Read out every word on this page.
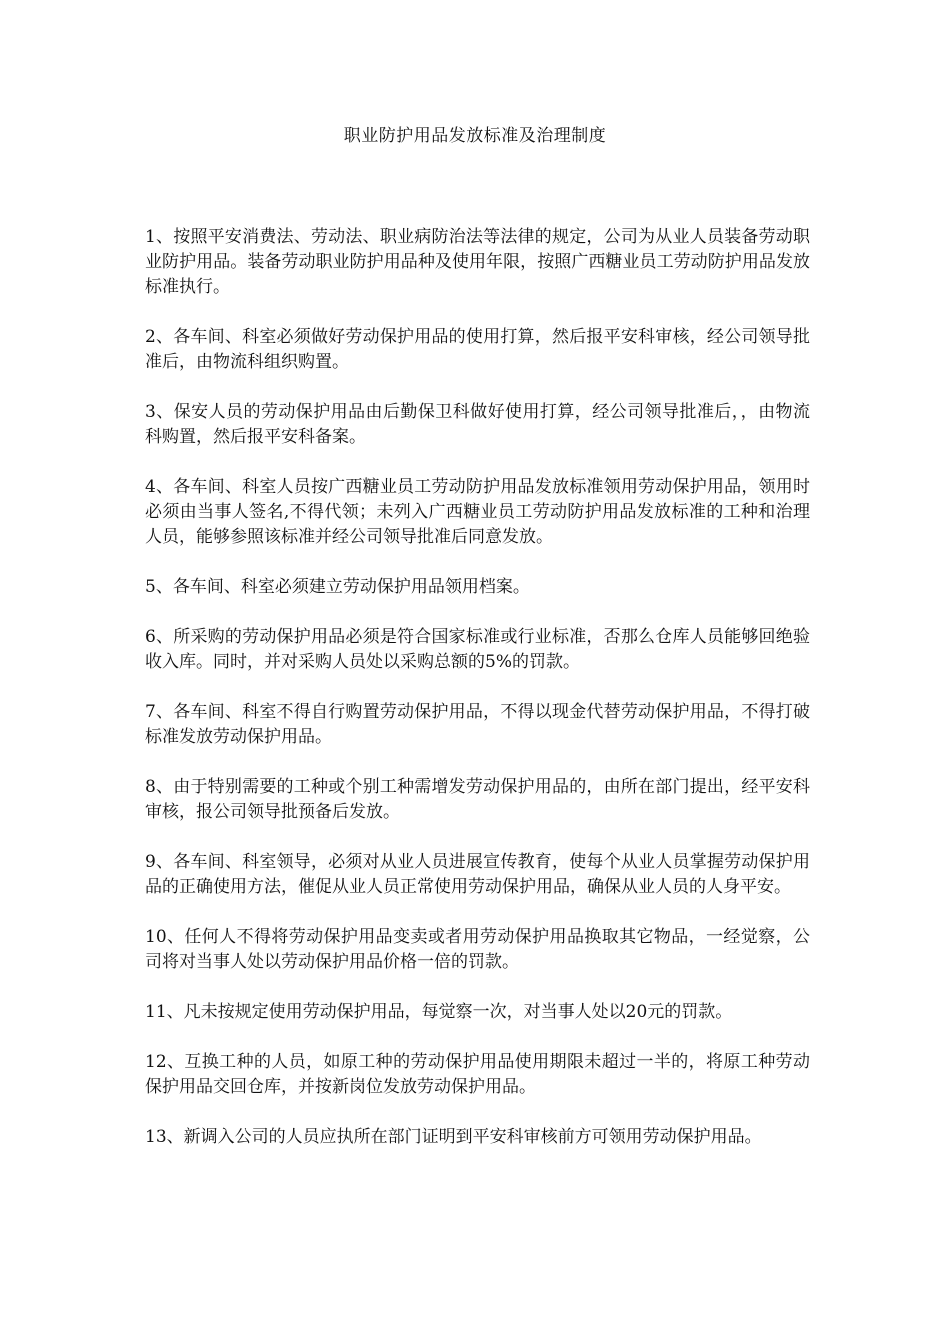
职业防护用品发放标准及治理制度

1、按照平安消费法、劳动法、职业病防治法等法律的规定，公司为从业人员装备劳动职业防护用品。装备劳动职业防护用品种及使用年限，按照广西糖业员工劳动防护用品发放标准执行。

2、各车间、科室必须做好劳动保护用品的使用打算，然后报平安科审核，经公司领导批准后，由物流科组织购置。

3、保安人员的劳动保护用品由后勤保卫科做好使用打算，经公司领导批准后，，由物流科购置，然后报平安科备案。

4、各车间、科室人员按广西糖业员工劳动防护用品发放标准领用劳动保护用品，领用时必须由当事人签名,不得代领；未列入广西糖业员工劳动防护用品发放标准的工种和治理人员，能够参照该标准并经公司领导批准后同意发放。

5、各车间、科室必须建立劳动保护用品领用档案。

6、所采购的劳动保护用品必须是符合国家标准或行业标准，否那么仓库人员能够回绝验收入库。同时，并对采购人员处以采购总额的5%的罚款。

7、各车间、科室不得自行购置劳动保护用品，不得以现金代替劳动保护用品，不得打破标准发放劳动保护用品。

8、由于特别需要的工种或个别工种需增发劳动保护用品的，由所在部门提出，经平安科审核，报公司领导批预备后发放。

9、各车间、科室领导，必须对从业人员进展宣传教育，使每个从业人员掌握劳动保护用品的正确使用方法，催促从业人员正常使用劳动保护用品，确保从业人员的人身平安。

10、任何人不得将劳动保护用品变卖或者用劳动保护用品换取其它物品，一经觉察，公司将对当事人处以劳动保护用品价格一倍的罚款。

11、凡未按规定使用劳动保护用品，每觉察一次，对当事人处以20元的罚款。

12、互换工种的人员，如原工种的劳动保护用品使用期限未超过一半的，将原工种劳动保护用品交回仓库，并按新岗位发放劳动保护用品。

13、新调入公司的人员应执所在部门证明到平安科审核前方可领用劳动保护用品。
